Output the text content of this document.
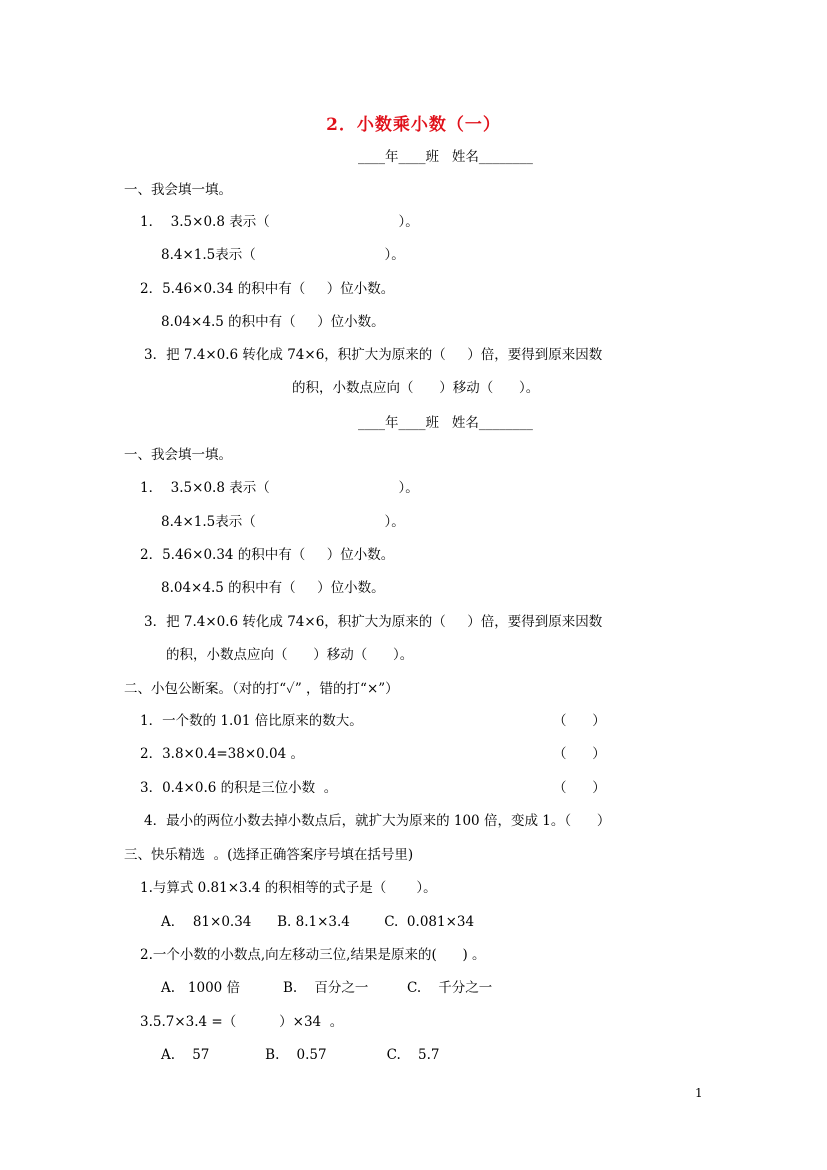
2．小数乘小数（一）
____年____班   姓名________
一、我会填一填。
1．  3.5×0.8 表示（                              ）。
8.4×1.5表示（                              ）。
2．5.46×0.34 的积中有（     ）位小数。
8.04×4.5 的积中有（     ）位小数。
3．把 7.4×0.6 转化成 74×6，积扩大为原来的（     ）倍，要得到原来因数
的积，小数点应向（      ）移动（      ）。
____年____班   姓名________
一、我会填一填。
1．  3.5×0.8 表示（                              ）。
8.4×1.5表示（                              ）。
2．5.46×0.34 的积中有（     ）位小数。
8.04×4.5 的积中有（     ）位小数。
3．把 7.4×0.6 转化成 74×6，积扩大为原来的（     ）倍，要得到原来因数
的积，小数点应向（      ）移动（      ）。
二、小包公断案。（对的打“✓” ，错的打“×”）
1．一个数的 1.01 倍比原来的数大。	（      ）
2．3.8×0.4=38×0.04 。	（      ）
3．0.4×0.6 的积是三位小数  。	（      ）
4．最小的两位小数去掉小数点后，就扩大为原来的 100 倍，变成 1。（      ）
三、快乐精选  。(选择正确答案序号填在括号里)
1.与算式 0.81×3.4 的积相等的式子是（       ）。
A．  81×0.34      B. 8.1×3.4        C.  0.081×34
2.一个小数的小数点,向左移动三位,结果是原来的(      ) 。
A.   1000 倍          B.    百分之一         C.    千分之一
3.5.7×3.4 =（          ）×34  。
A.    57             B.    0.57              C.    5.7
1
